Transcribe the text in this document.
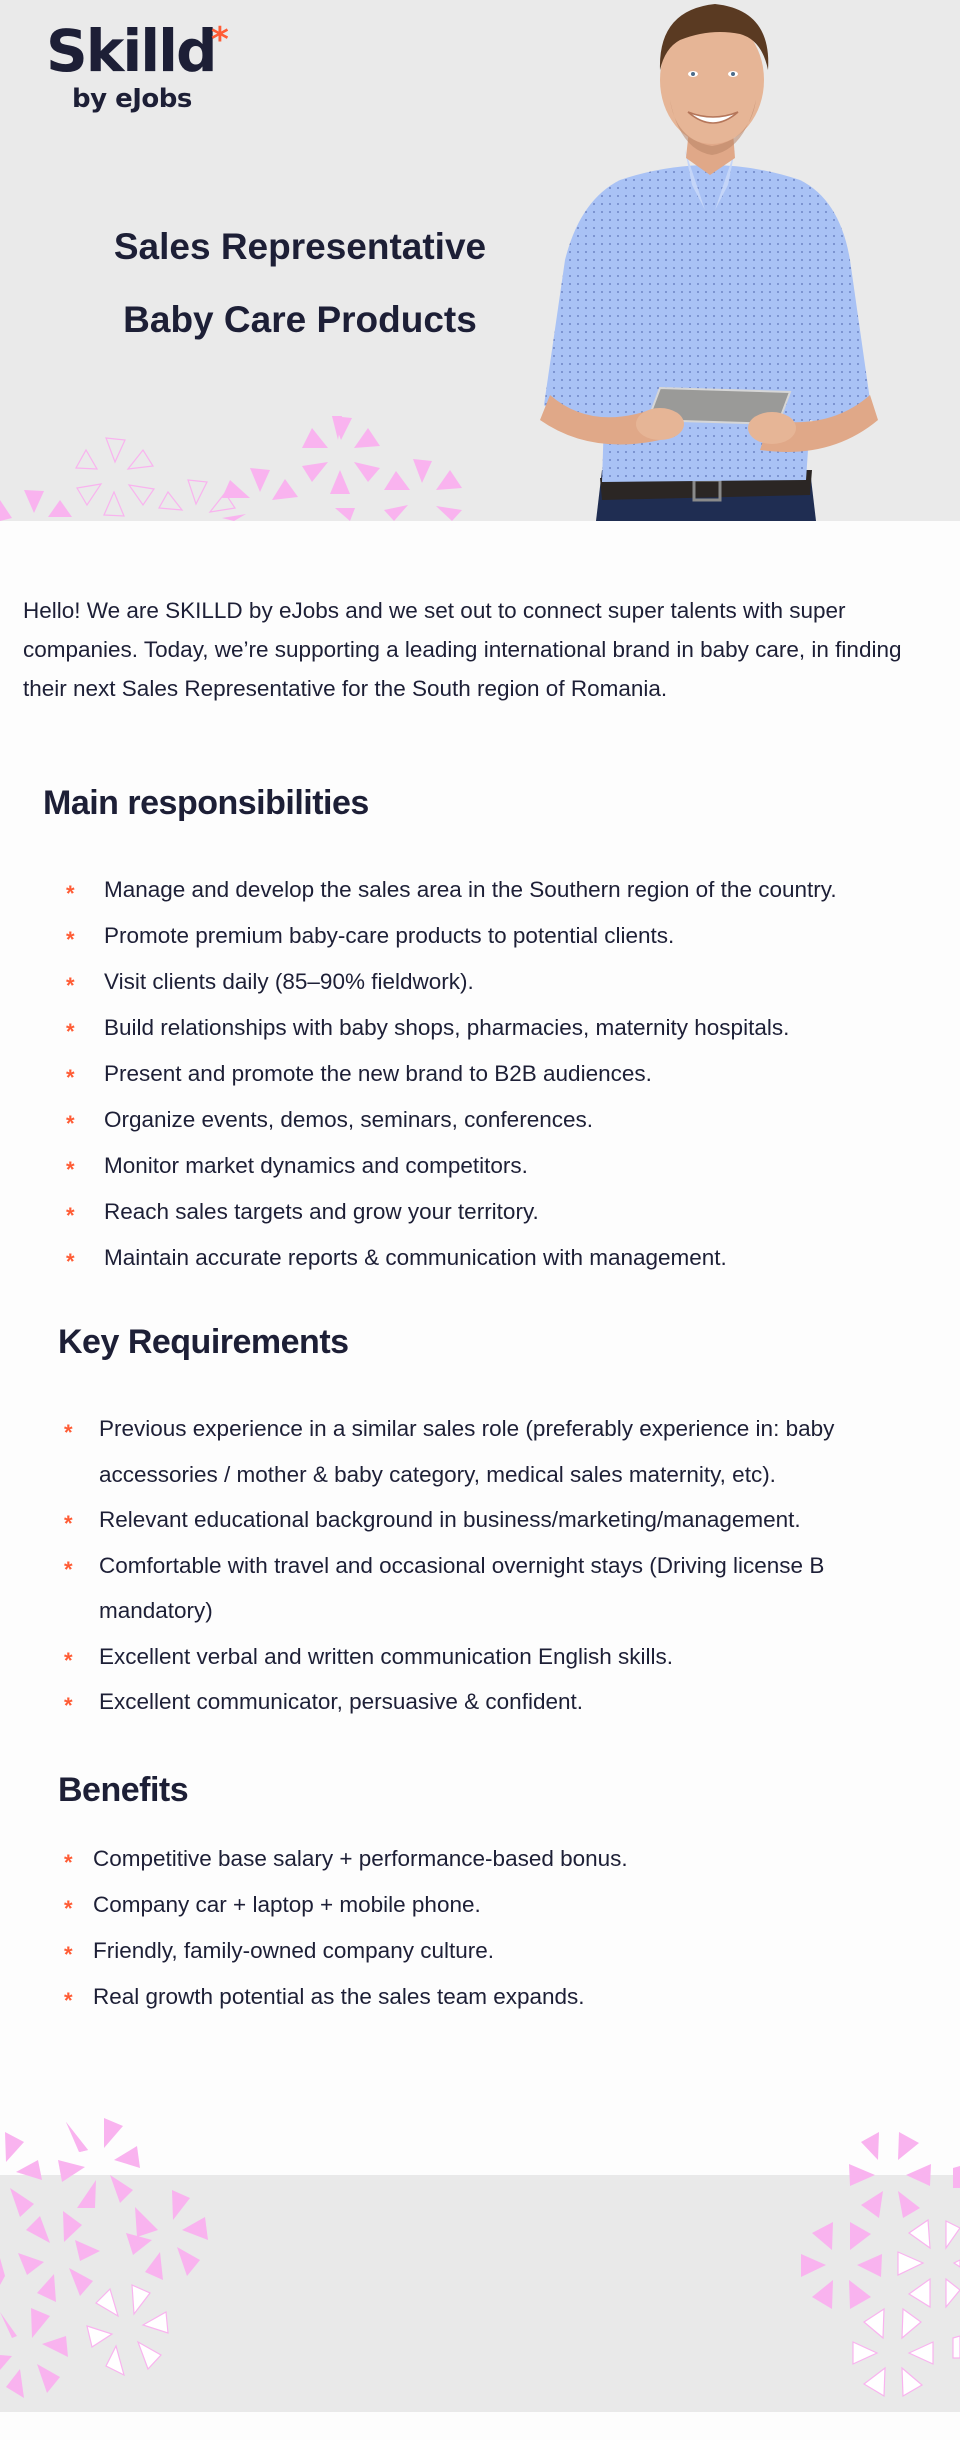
Skilld
*
by eJobs
Sales Representative
Baby Care Products

Hello! We are SKILLD by eJobs and we set out to connect super talents with super companies. Today, we’re supporting a leading international brand in baby care, in finding their next Sales Representative for the South region of Romania.

Main responsibilities
* Manage and develop the sales area in the Southern region of the country.
* Promote premium baby-care products to potential clients.
* Visit clients daily (85–90% fieldwork).
* Build relationships with baby shops, pharmacies, maternity hospitals.
* Present and promote the new brand to B2B audiences.
* Organize events, demos, seminars, conferences.
* Monitor market dynamics and competitors.
* Reach sales targets and grow your territory.
* Maintain accurate reports & communication with management.
Key Requirements
* Previous experience in a similar sales role (preferably experience in: baby accessories / mother & baby category, medical sales maternity, etc).
* Relevant educational background in business/marketing/management.
* Comfortable with travel and occasional overnight stays (Driving license B mandatory)
* Excellent verbal and written communication English skills.
* Excellent communicator, persuasive & confident.
Benefits
* Competitive base salary + performance-based bonus.
* Company car + laptop + mobile phone.
* Friendly, family-owned company culture.
* Real growth potential as the sales team expands.
